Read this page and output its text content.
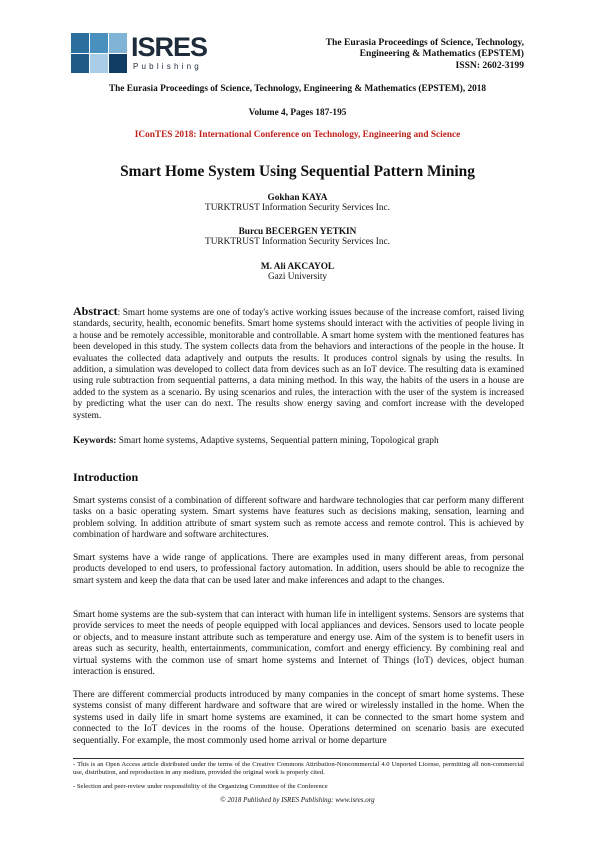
ISRES
Publishing
The Eurasia Proceedings of Science, Technology,
Engineering & Mathematics (EPSTEM)
ISSN: 2602-3199
The Eurasia Proceedings of Science, Technology, Engineering & Mathematics (EPSTEM), 2018
Volume 4, Pages 187-195
IConTES 2018: International Conference on Technology, Engineering and Science
Smart Home System Using Sequential Pattern Mining
Gokhan KAYA
TURKTRUST Information Security Services Inc.
Burcu BECERGEN YETKIN
TURKTRUST Information Security Services Inc.
M. Ali AKCAYOL
Gazi University
Abstract: Smart home systems are one of today's active working issues because of the increase comfort, raised living standards, security, health, economic benefits. Smart home systems should interact with the activities of people living in a house and be remotely accessible, monitorable and controllable. A smart home system with the mentioned features has been developed in this study. The system collects data from the behaviors and interactions of the people in the house. It evaluates the collected data adaptively and outputs the results. It produces control signals by using the results. In addition, a simulation was developed to collect data from devices such as an IoT device. The resulting data is examined using rule subtraction from sequential patterns, a data mining method. In this way, the habits of the users in a house are added to the system as a scenario. By using scenarios and rules, the interaction with the user of the system is increased by predicting what the user can do next. The results show energy saving and comfort increase with the developed system.
Keywords: Smart home systems, Adaptive systems, Sequential pattern mining, Topological graph
Introduction
Smart systems consist of a combination of different software and hardware technologies that car perform many different tasks on a basic operating system. Smart systems have features such as decisions making, sensation, learning and problem solving. In addition attribute of smart system such as remote access and remote control. This is achieved by combination of hardware and software architectures.
Smart systems have a wide range of applications. There are examples used in many different areas, from personal products developed to end users, to professional factory automation. In addition, users should be able to recognize the smart system and keep the data that can be used later and make inferences and adapt to the changes.
Smart home systems are the sub-system that can interact with human life in intelligent systems. Sensors are systems that provide services to meet the needs of people equipped with local appliances and devices. Sensors used to locate people or objects, and to measure instant attribute such as temperature and energy use. Aim of the system is to benefit users in areas such as security, health, entertainments, communication, comfort and energy efficiency. By combining real and virtual systems with the common use of smart home systems and Internet of Things (IoT) devices, object human interaction is ensured.
There are different commercial products introduced by many companies in the concept of smart home systems. These systems consist of many different hardware and software that are wired or wirelessly installed in the home. When the systems used in daily life in smart home systems are examined, it can be connected to the smart home system and connected to the IoT devices in the rooms of the house. Operations determined on scenario basis are executed sequentially. For example, the most commonly used home arrival or home departure
- This is an Open Access article distributed under the terms of the Creative Commons Attribution-Noncommercial 4.0 Unported License, permitting all non-commercial use, distribution, and reproduction in any medium, provided the original work is properly cited.
- Selection and peer-review under responsibility of the Organizing Committee of the Conference
© 2018 Published by ISRES Publishing: www.isres.org
